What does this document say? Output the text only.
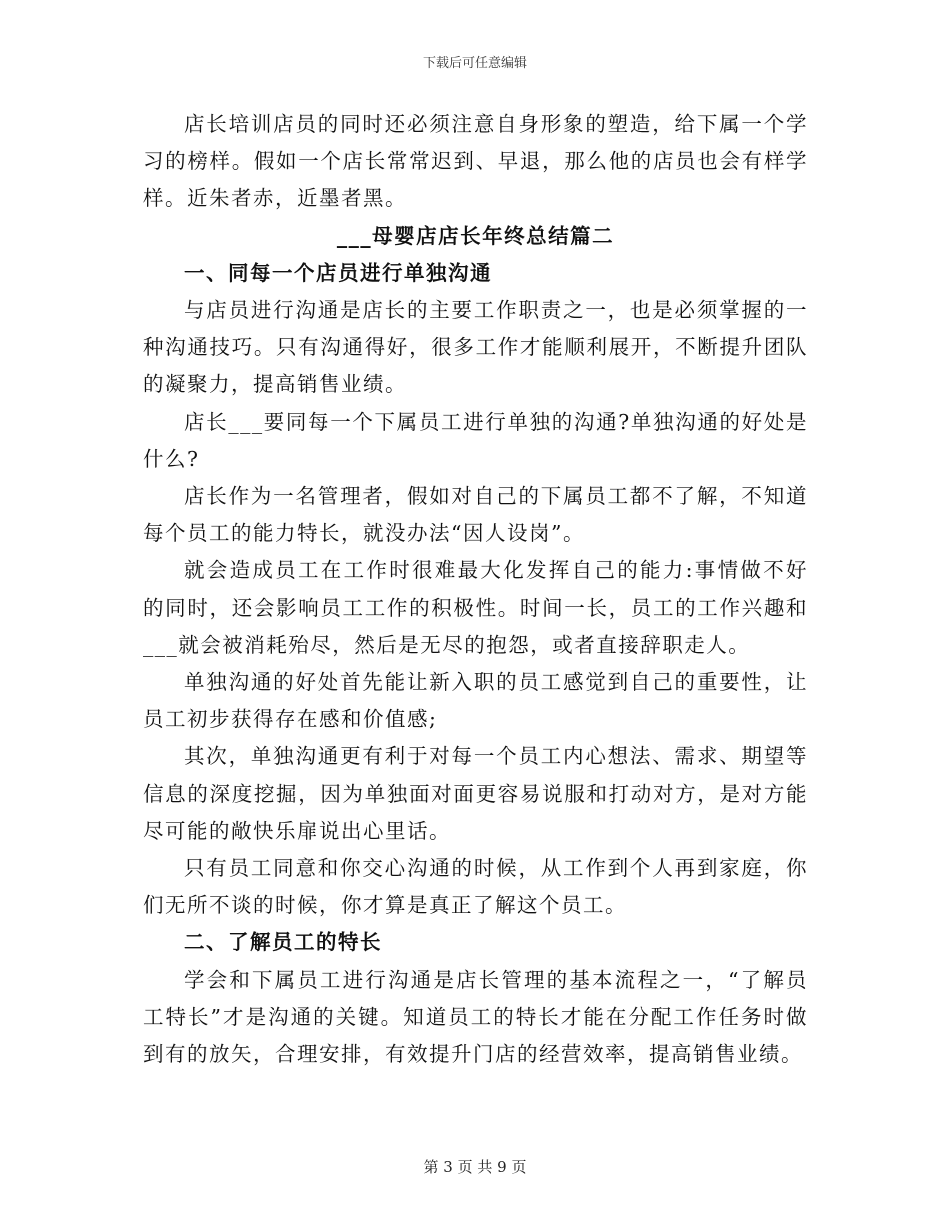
下载后可任意编辑

店长培训店员的同时还必须注意自身形象的塑造，给下属一个学习的榜样。假如一个店长常常迟到、早退，那么他的店员也会有样学样。近朱者赤，近墨者黑。

___母婴店店长年终总结篇二

一、同每一个店员进行单独沟通

与店员进行沟通是店长的主要工作职责之一，也是必须掌握的一种沟通技巧。只有沟通得好，很多工作才能顺利展开，不断提升团队的凝聚力，提高销售业绩。

店长___要同每一个下属员工进行单独的沟通?单独沟通的好处是什么?

店长作为一名管理者，假如对自己的下属员工都不了解，不知道每个员工的能力特长，就没办法“因人设岗”。

就会造成员工在工作时很难最大化发挥自己的能力:事情做不好的同时，还会影响员工工作的积极性。时间一长，员工的工作兴趣和___就会被消耗殆尽，然后是无尽的抱怨，或者直接辞职走人。

单独沟通的好处首先能让新入职的员工感觉到自己的重要性，让员工初步获得存在感和价值感;

其次，单独沟通更有利于对每一个员工内心想法、需求、期望等信息的深度挖掘，因为单独面对面更容易说服和打动对方，是对方能尽可能的敞快乐扉说出心里话。

只有员工同意和你交心沟通的时候，从工作到个人再到家庭，你们无所不谈的时候，你才算是真正了解这个员工。

二、了解员工的特长

学会和下属员工进行沟通是店长管理的基本流程之一，“了解员工特长”才是沟通的关键。知道员工的特长才能在分配工作任务时做到有的放矢，合理安排，有效提升门店的经营效率，提高销售业绩。

第 3 页 共 9 页
